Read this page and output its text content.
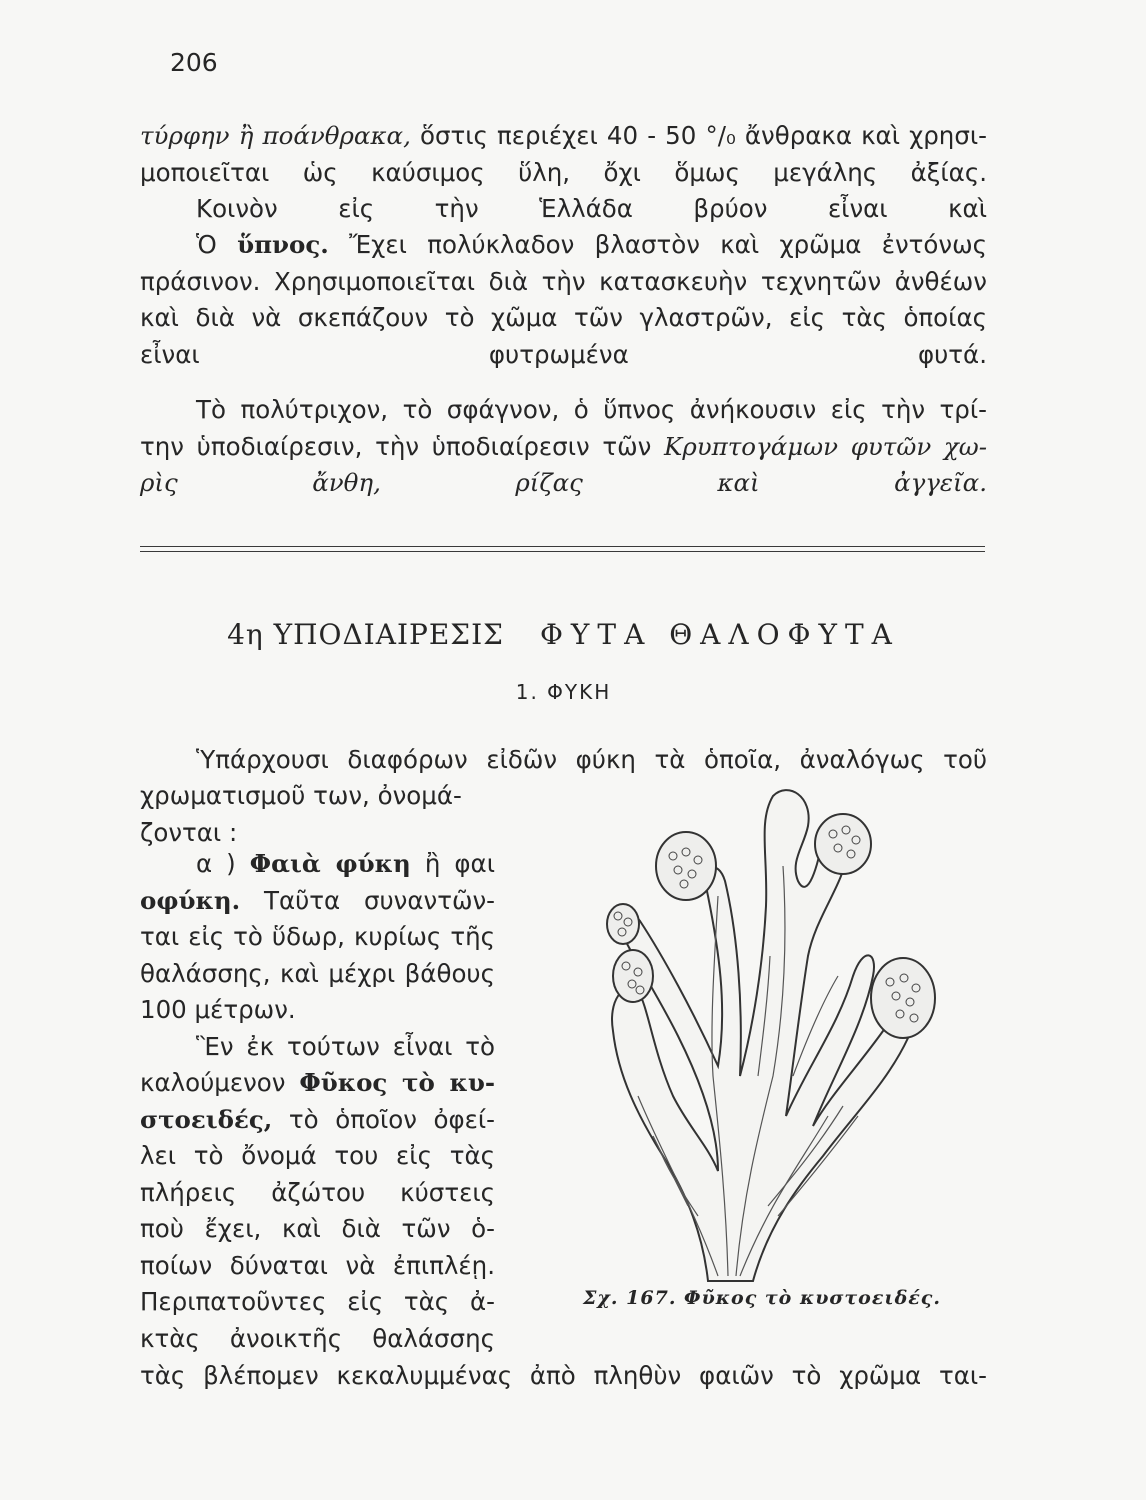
206
τύρφην ἢ ποάνθρακα, ὅστις περιέχει 40 - 50 °/₀ ἄνθρακα καὶ χρησι-
μοποιεῖται ὡς καύσιμος ὕλη, ὄχι ὅμως μεγάλης ἀξίας.
Κοινὸν εἰς τὴν Ἑλλάδα βρύον εἶναι καὶ
Ὁ ὕπνος. Ἔχει πολύκλαδον βλαστὸν καὶ χρῶμα ἐντόνως
πράσινον. Χρησιμοποιεῖται διὰ τὴν κατασκευὴν τεχνητῶν ἀνθέων
καὶ διὰ νὰ σκεπάζουν τὸ χῶμα τῶν γλαστρῶν, εἰς τὰς ὁποίας
εἶναι φυτρωμένα φυτά.
Τὸ πολύτριχον, τὸ σφάγνον, ὁ ὕπνος ἀνήκουσιν εἰς τὴν τρί-
την ὑποδιαίρεσιν, τὴν ὑποδιαίρεσιν τῶν Κρυπτογάμων φυτῶν χω-
ρὶς ἄνθη, ρίζας καὶ ἀγγεῖα.
4η ΥΠΟΔΙΑΙΡΕΣΙΣ ΦΥΤΑ ΘΑΛΟΦΥΤΑ
1. ΦΥΚΗ
Ὑπάρχουσι διαφόρων εἰδῶν φύκη τὰ ὁποῖα, ἀναλόγως τοῦ
χρωματισμοῦ των, ὀνομά-
ζονται :
α ) Φαιὰ φύκη ἢ φαι
οφύκη. Ταῦτα συναντῶν-
ται εἰς τὸ ὕδωρ, κυρίως τῆς
θαλάσσης, καὶ μέχρι βάθους
100 μέτρων.
Ἓν ἐκ τούτων εἶναι τὸ
καλούμενον Φῦκος τὸ κυ-
στοειδές, τὸ ὁποῖον ὀφεί-
λει τὸ ὄνομά του εἰς τὰς
πλήρεις ἀζώτου κύστεις
ποὺ ἔχει, καὶ διὰ τῶν ὁ-
ποίων δύναται νὰ ἐπιπλέῃ.
Περιπατοῦντες εἰς τὰς ἀ-
κτὰς ἀνοικτῆς θαλάσσης
τὰς βλέπομεν κεκαλυμμένας ἀπὸ πληθὺν φαιῶν τὸ χρῶμα ται-
Σχ. 167. Φῦκος τὸ κυστοειδές.
